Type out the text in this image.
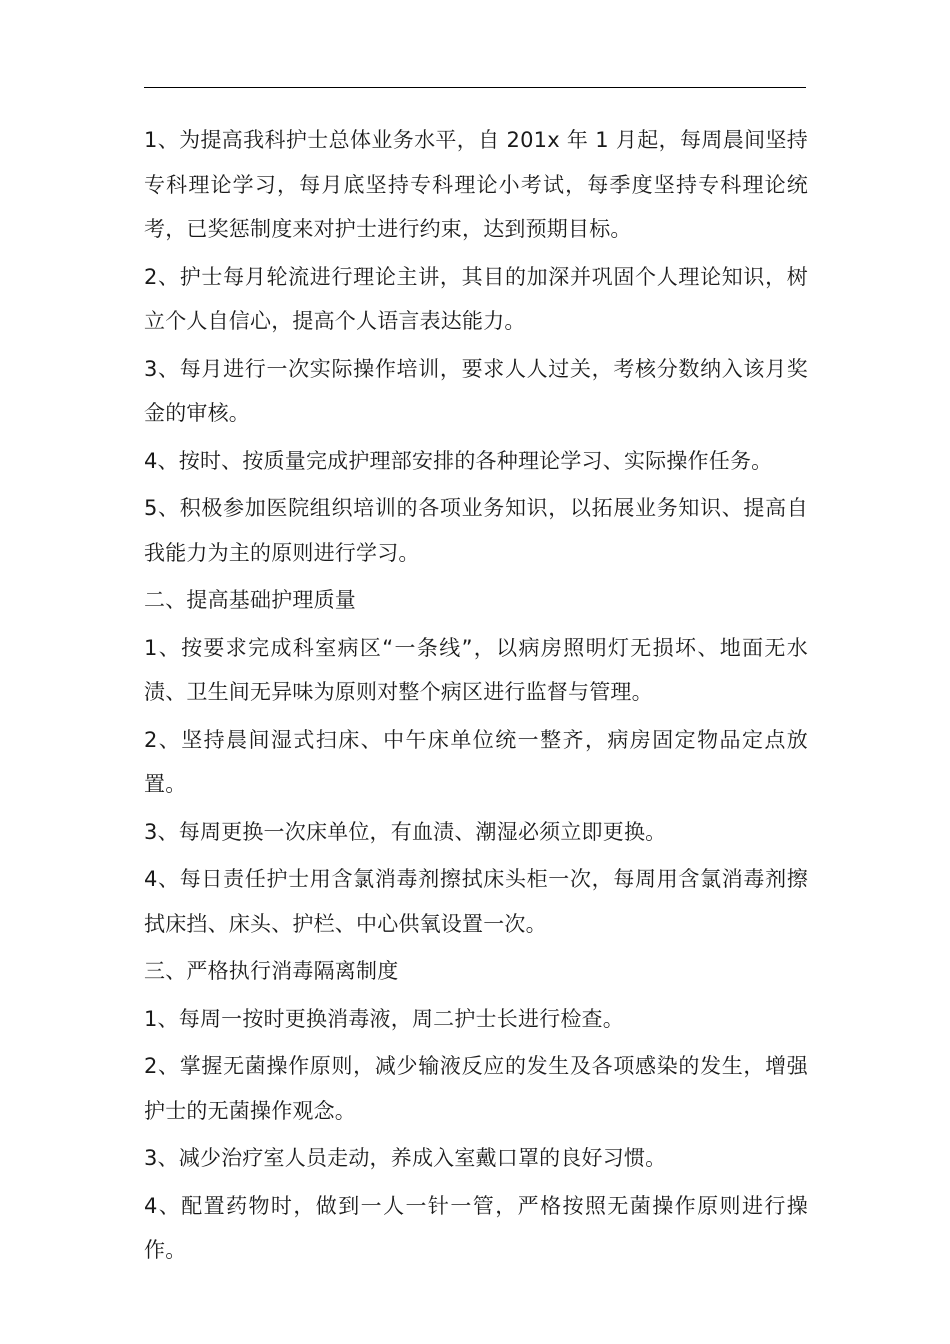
1、为提高我科护士总体业务水平，自 201x 年 1 月起，每周晨间坚持专科理论学习，每月底坚持专科理论小考试，每季度坚持专科理论统考，已奖惩制度来对护士进行约束，达到预期目标。

2、护士每月轮流进行理论主讲，其目的加深并巩固个人理论知识，树立个人自信心，提高个人语言表达能力。

3、每月进行一次实际操作培训，要求人人过关，考核分数纳入该月奖金的审核。

4、按时、按质量完成护理部安排的各种理论学习、实际操作任务。

5、积极参加医院组织培训的各项业务知识，以拓展业务知识、提高自我能力为主的原则进行学习。

二、提高基础护理质量

1、按要求完成科室病区“一条线”，以病房照明灯无损坏、地面无水渍、卫生间无异味为原则对整个病区进行监督与管理。

2、坚持晨间湿式扫床、中午床单位统一整齐，病房固定物品定点放置。

3、每周更换一次床单位，有血渍、潮湿必须立即更换。

4、每日责任护士用含氯消毒剂擦拭床头柜一次，每周用含氯消毒剂擦拭床挡、床头、护栏、中心供氧设置一次。

三、严格执行消毒隔离制度

1、每周一按时更换消毒液，周二护士长进行检查。

2、掌握无菌操作原则，减少输液反应的发生及各项感染的发生，增强护士的无菌操作观念。

3、减少治疗室人员走动，养成入室戴口罩的良好习惯。

4、配置药物时，做到一人一针一管，严格按照无菌操作原则进行操作。
